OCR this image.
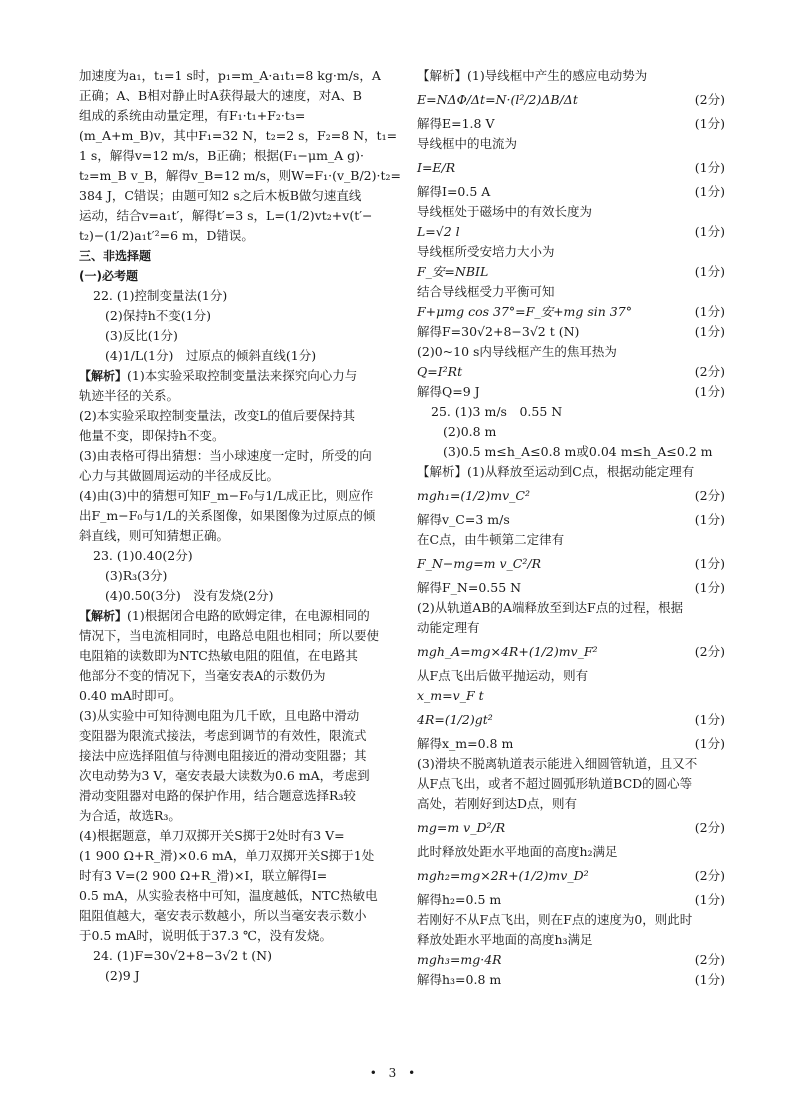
加速度为a₁，t₁=1 s时，p₁=m_A·a₁t₁=8 kg·m/s，A
正确；A、B相对静止时A获得最大的速度，对A、B
组成的系统由动量定理，有F₁·t₁+F₂·t₃=
(m_A+m_B)v，其中F₁=32 N，t₂=2 s，F₂=8 N，t₁=
1 s，解得v=12 m/s，B正确；根据(F₁−μm_A g)·
t₂=m_B v_B，解得v_B=12 m/s，则W=F₁·(v_B/2)·t₂=
384 J，C错误；由题可知2 s之后木板B做匀速直线
运动，结合v=a₁t′，解得t′=3 s，L=(1/2)vt₂+v(t′−
t₂)−(1/2)a₁t′²=6 m，D错误。
三、非选择题
(一)必考题
22. (1)控制变量法(1分)
(2)保持h不变(1分)
(3)反比(1分)
(4)1/L(1分)　过原点的倾斜直线(1分)
【解析】(1)本实验采取控制变量法来探究向心力与
轨迹半径的关系。
(2)本实验采取控制变量法，改变L的值后要保持其
他量不变，即保持h不变。
(3)由表格可得出猜想：当小球速度一定时，所受的向
心力与其做圆周运动的半径成反比。
(4)由(3)中的猜想可知F_m−F₀与1/L成正比，则应作
出F_m−F₀与1/L的关系图像，如果图像为过原点的倾
斜直线，则可知猜想正确。
23. (1)0.40(2分)
(3)R₃(3分)
(4)0.50(3分)　没有发烧(2分)
【解析】(1)根据闭合电路的欧姆定律，在电源相同的
情况下，当电流相同时，电路总电阻也相同；所以要使
电阻箱的读数即为NTC热敏电阻的阻值，在电路其
他部分不变的情况下，当毫安表A的示数仍为
0.40 mA时即可。
(3)从实验中可知待测电阻为几千欧，且电路中滑动
变阻器为限流式接法，考虑到调节的有效性，限流式
接法中应选择阻值与待测电阻接近的滑动变阻器；其
次电动势为3 V，毫安表最大读数为0.6 mA，考虑到
滑动变阻器对电路的保护作用，结合题意选择R₃较
为合适，故选R₃。
(4)根据题意，单刀双掷开关S掷于2处时有3 V=
(1 900 Ω+R_滑)×0.6 mA，单刀双掷开关S掷于1处
时有3 V=(2 900 Ω+R_滑)×I，联立解得I=
0.5 mA，从实验表格中可知，温度越低，NTC热敏电
阻阻值越大，毫安表示数越小，所以当毫安表示数小
于0.5 mA时，说明低于37.3 ℃，没有发烧。
24. (1)F=30√2+8−3√2 t (N)
(2)9 J
【解析】(1)导线框中产生的感应电动势为
E=NΔΦ/Δt=N·(l²/2)ΔB/Δt	(2分)
解得E=1.8 V	(1分)
导线框中的电流为
I=E/R	(1分)
解得I=0.5 A	(1分)
导线框处于磁场中的有效长度为
L=√2 l	(1分)
导线框所受安培力大小为
F_安=NBIL	(1分)
结合导线框受力平衡可知
F+μmg cos 37°=F_安+mg sin 37°	(1分)
解得F=30√2+8−3√2 t (N)	(1分)
(2)0~10 s内导线框产生的焦耳热为
Q=I²Rt	(2分)
解得Q=9 J	(1分)
25. (1)3 m/s　0.55 N
(2)0.8 m
(3)0.5 m≤h_A≤0.8 m或0.04 m≤h_A≤0.2 m
【解析】(1)从释放至运动到C点，根据动能定理有
mgh₁=(1/2)mv_C²	(2分)
解得v_C=3 m/s	(1分)
在C点，由牛顿第二定律有
F_N−mg=m v_C²/R	(1分)
解得F_N=0.55 N	(1分)
(2)从轨道AB的A端释放至到达F点的过程，根据
动能定理有
mgh_A=mg×4R+(1/2)mv_F²	(2分)
从F点飞出后做平抛运动，则有
x_m=v_F t
4R=(1/2)gt²	(1分)
解得x_m=0.8 m	(1分)
(3)滑块不脱离轨道表示能进入细圆管轨道，且又不
从F点飞出，或者不超过圆弧形轨道BCD的圆心等
高处，若刚好到达D点，则有
mg=m v_D²/R	(2分)
此时释放处距水平地面的高度h₂满足
mgh₂=mg×2R+(1/2)mv_D²	(2分)
解得h₂=0.5 m	(1分)
若刚好不从F点飞出，则在F点的速度为0，则此时
释放处距水平地面的高度h₃满足
mgh₃=mg·4R	(2分)
解得h₃=0.8 m	(1分)
• 3 •
